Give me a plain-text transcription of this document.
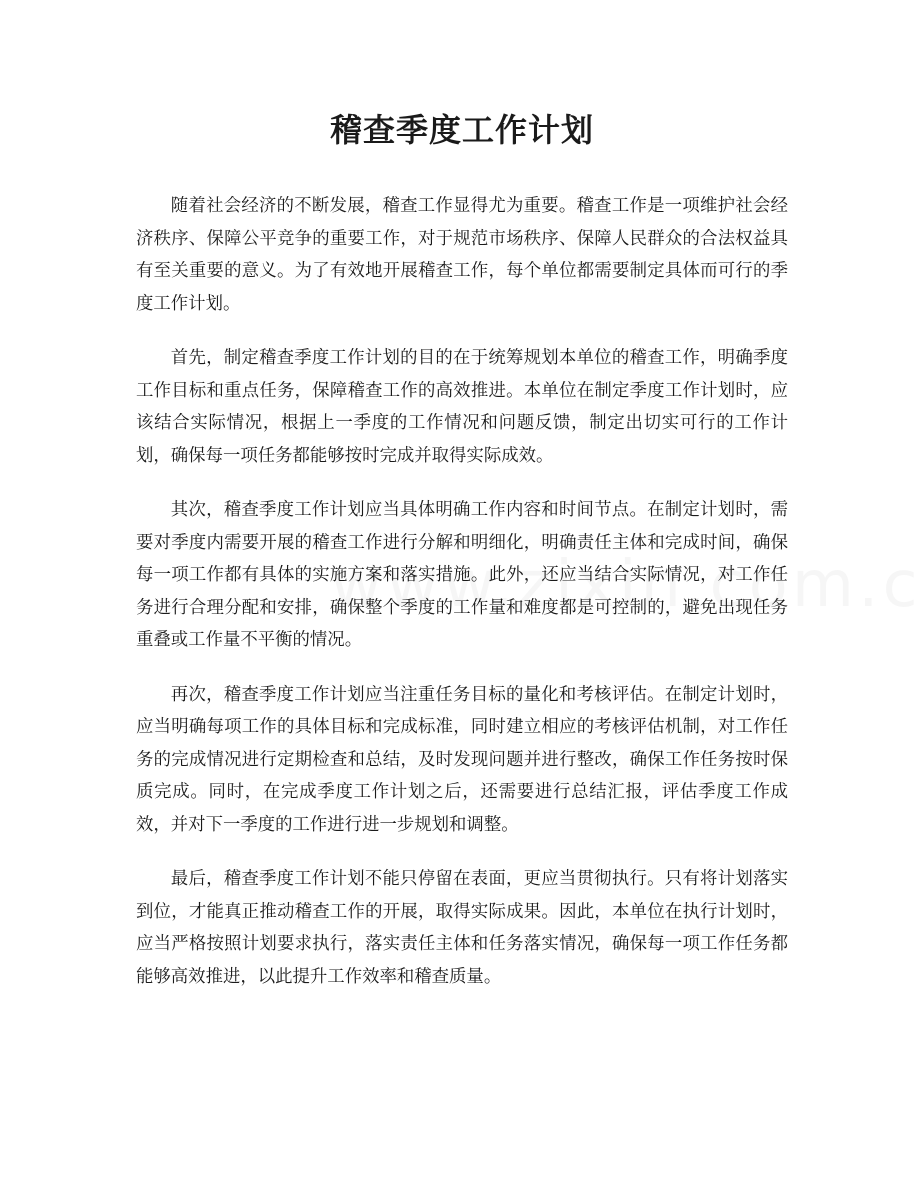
稽查季度工作计划

随着社会经济的不断发展，稽查工作显得尤为重要。稽查工作是一项维护社会经济秩序、保障公平竞争的重要工作，对于规范市场秩序、保障人民群众的合法权益具有至关重要的意义。为了有效地开展稽查工作，每个单位都需要制定具体而可行的季度工作计划。

首先，制定稽查季度工作计划的目的在于统筹规划本单位的稽查工作，明确季度工作目标和重点任务，保障稽查工作的高效推进。本单位在制定季度工作计划时，应该结合实际情况，根据上一季度的工作情况和问题反馈，制定出切实可行的工作计划，确保每一项任务都能够按时完成并取得实际成效。

其次，稽查季度工作计划应当具体明确工作内容和时间节点。在制定计划时，需要对季度内需要开展的稽查工作进行分解和明细化，明确责任主体和完成时间，确保每一项工作都有具体的实施方案和落实措施。此外，还应当结合实际情况，对工作任务进行合理分配和安排，确保整个季度的工作量和难度都是可控制的，避免出现任务重叠或工作量不平衡的情况。

再次，稽查季度工作计划应当注重任务目标的量化和考核评估。在制定计划时，应当明确每项工作的具体目标和完成标准，同时建立相应的考核评估机制，对工作任务的完成情况进行定期检查和总结，及时发现问题并进行整改，确保工作任务按时保质完成。同时，在完成季度工作计划之后，还需要进行总结汇报，评估季度工作成效，并对下一季度的工作进行进一步规划和调整。

最后，稽查季度工作计划不能只停留在表面，更应当贯彻执行。只有将计划落实到位，才能真正推动稽查工作的开展，取得实际成果。因此，本单位在执行计划时，应当严格按照计划要求执行，落实责任主体和任务落实情况，确保每一项工作任务都能够高效推进，以此提升工作效率和稽查质量。
